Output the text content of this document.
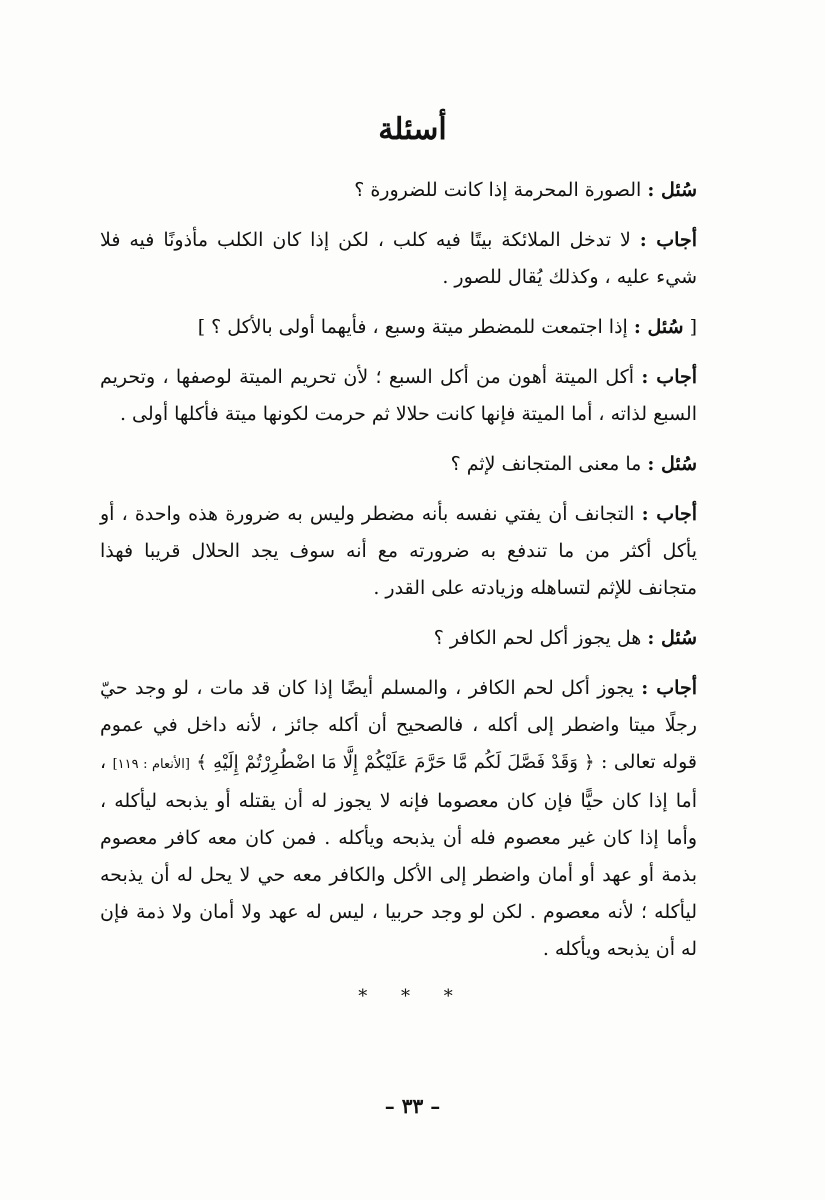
أسئلة
سُئل : الصورة المحرمة إذا كانت للضرورة ؟
أجاب : لا تدخل الملائكة بيتًا فيه كلب ، لكن إذا كان الكلب مأذونًا فيه فلا شيء عليه ، وكذلك يُقال للصور .
[ سُئل : إذا اجتمعت للمضطر ميتة وسبع ، فأيهما أولى بالأكل ؟ ]
أجاب : أكل الميتة أهون من أكل السبع ؛ لأن تحريم الميتة لوصفها ، وتحريم السبع لذاته ، أما الميتة فإنها كانت حلالا ثم حرمت لكونها ميتة فأكلها أولى .
سُئل : ما معنى المتجانف لإثم ؟
أجاب : التجانف أن يفتي نفسه بأنه مضطر وليس به ضرورة هذه واحدة ، أو يأكل أكثر من ما تندفع به ضرورته مع أنه سوف يجد الحلال قريبا فهذا متجانف للإثم لتساهله وزيادته على القدر .
سُئل : هل يجوز أكل لحم الكافر ؟
أجاب : يجوز أكل لحم الكافر ، والمسلم أيضًا إذا كان قد مات ، لو وجد حيّ رجلًا ميتا واضطر إلى أكله ، فالصحيح أن أكله جائز ، لأنه داخل في عموم قوله تعالى : ﴿ وَقَدْ فَصَّلَ لَكُم مَّا حَرَّمَ عَلَيْكُمْ إِلَّا مَا اضْطُرِرْتُمْ إِلَيْهِ ﴾ [الأنعام : ١١٩] ، أما إذا كان حيًّا فإن كان معصوما فإنه لا يجوز له أن يقتله أو يذبحه ليأكله ، وأما إذا كان غير معصوم فله أن يذبحه ويأكله . فمن كان معه كافر معصوم بذمة أو عهد أو أمان واضطر إلى الأكل والكافر معه حي لا يحل له أن يذبحه ليأكله ؛ لأنه معصوم . لكن لو وجد حربيا ، ليس له عهد ولا أمان ولا ذمة فإن له أن يذبحه ويأكله .
* * *
– ٣٣ –
